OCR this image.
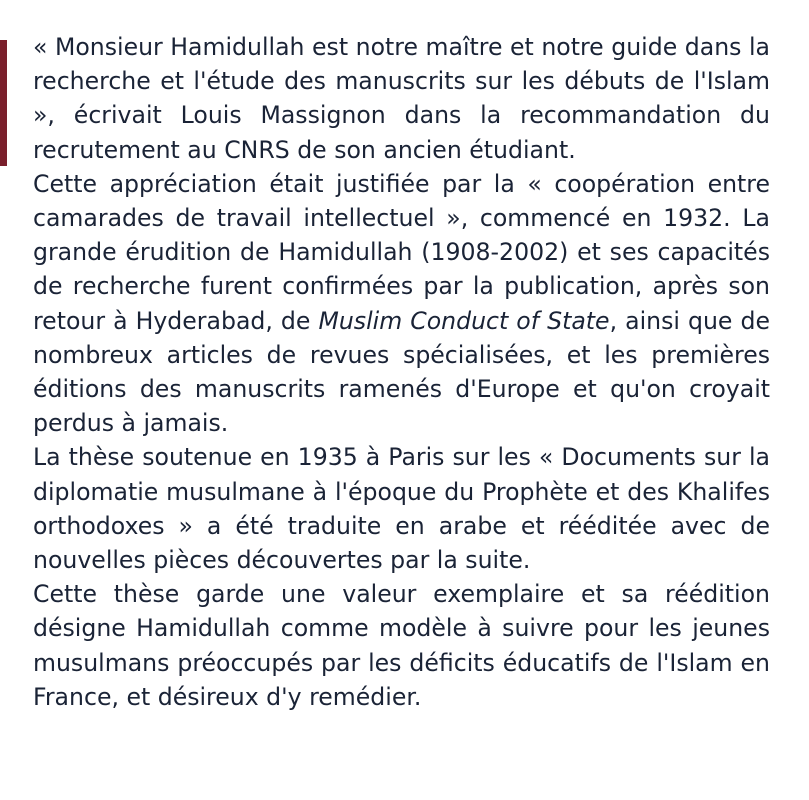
« Monsieur Hamidullah est notre maître et notre guide dans la recherche et l'étude des manuscrits sur les débuts de l'Islam », écrivait Louis Massignon dans la recommandation du recrutement au CNRS de son ancien étudiant.

Cette appréciation était justifiée par la « coopération entre camarades de travail intellectuel », commencé en 1932. La grande érudition de Hamidullah (1908-2002) et ses capacités de recherche furent confirmées par la publication, après son retour à Hyderabad, de Muslim Conduct of State, ainsi que de nombreux articles de revues spécialisées, et les premières éditions des manuscrits ramenés d'Europe et qu'on croyait perdus à jamais.

La thèse soutenue en 1935 à Paris sur les « Documents sur la diplomatie musulmane à l'époque du Prophète et des Khalifes orthodoxes » a été traduite en arabe et rééditée avec de nouvelles pièces découvertes par la suite.

Cette thèse garde une valeur exemplaire et sa réédition désigne Hamidullah comme modèle à suivre pour les jeunes musulmans préoccupés par les déficits éducatifs de l'Islam en France, et désireux d'y remédier.
